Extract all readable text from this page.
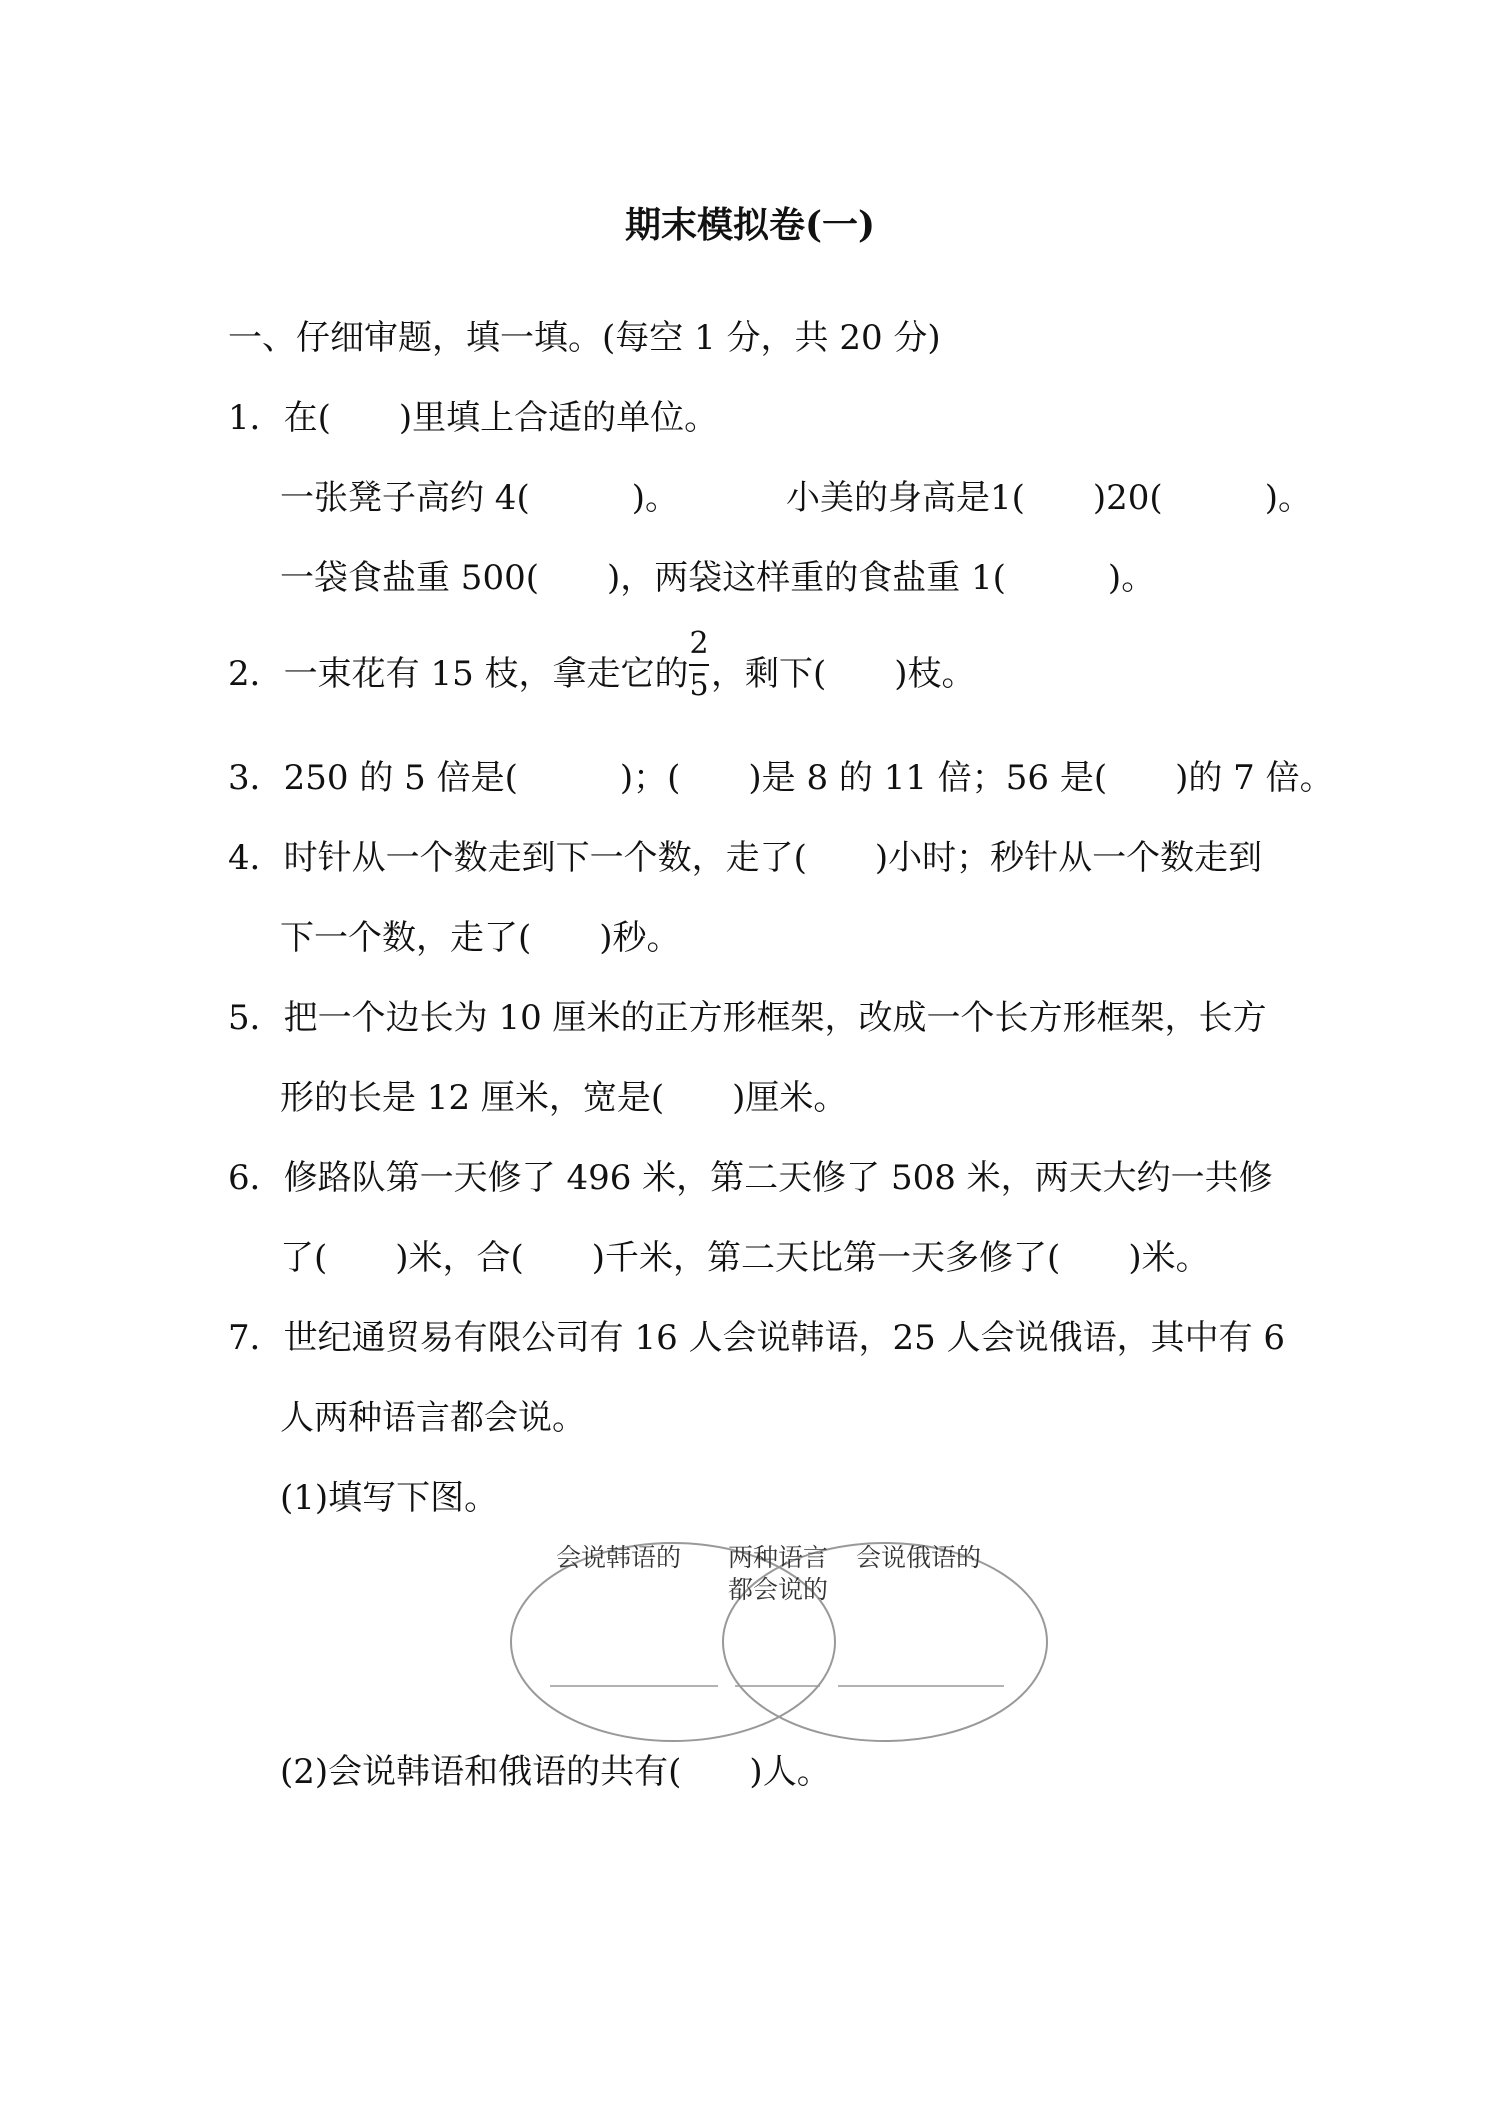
期末模拟卷(一)
一、仔细审题，填一填。(每空 1 分，共 20 分)
1．在(　　)里填上合适的单位。
一张凳子高约 4(　　　)。	小美的身高是1(　　)20(　　　)。
一袋食盐重 500(　　)，两袋这样重的食盐重 1(　　　)。
2．一束花有 15 枝，拿走它的
2
5 ，剩下(　　)枝。
3．250 的 5 倍是(　　　)；(　　)是 8 的 11 倍；56 是(　　)的 7 倍。
4．时针从一个数走到下一个数，走了(　　)小时；秒针从一个数走到
下一个数，走了(　　)秒。
5．把一个边长为 10 厘米的正方形框架，改成一个长方形框架，长方
形的长是 12 厘米，宽是(　　)厘米。
6．修路队第一天修了 496 米，第二天修了 508 米，两天大约一共修
了(　　)米，合(　　)千米，第二天比第一天多修了(　　)米。
7．世纪通贸易有限公司有 16 人会说韩语，25 人会说俄语，其中有 6
人两种语言都会说。
(1)填写下图。
会说韩语的 两种语言
都会说的
会说俄语的
(2)会说韩语和俄语的共有(　　)人。
